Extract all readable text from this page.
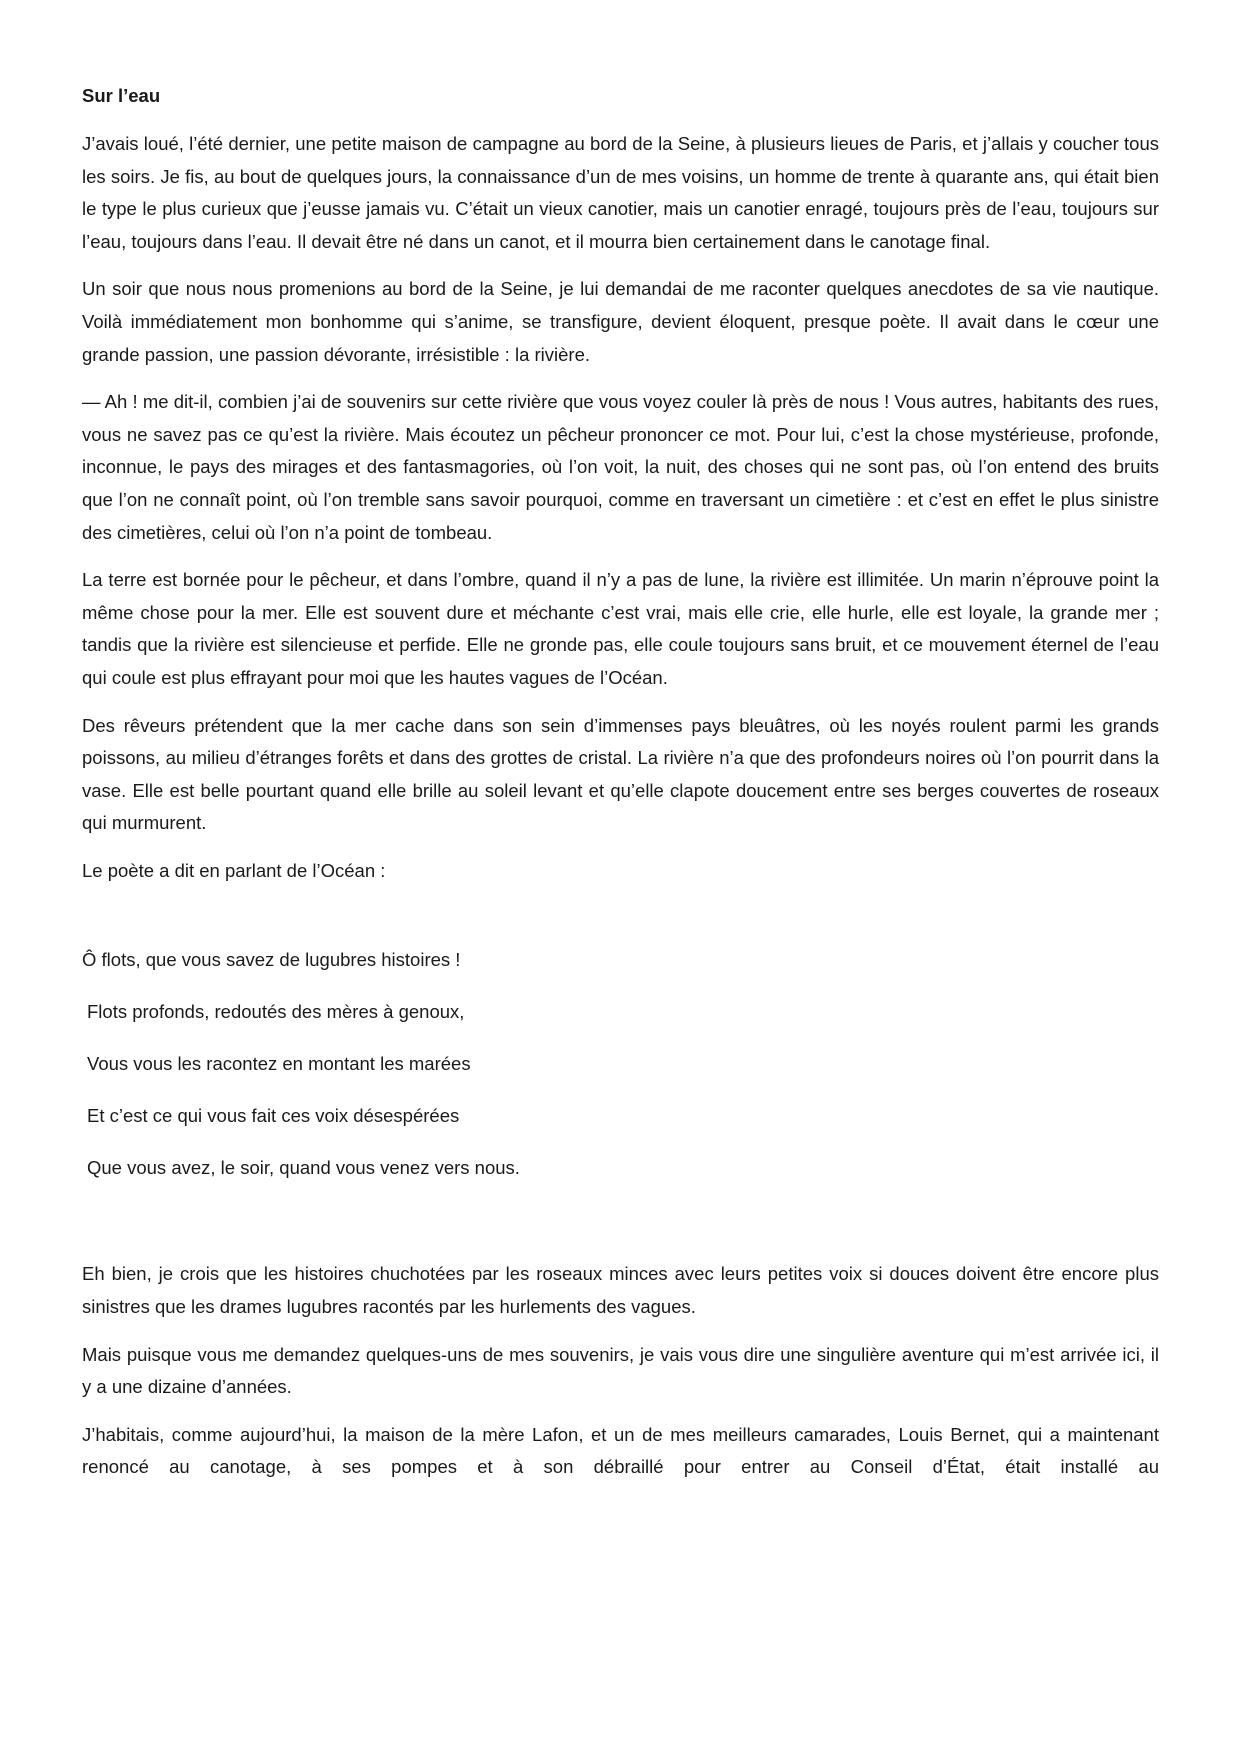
Sur l’eau

J’avais loué, l’été dernier, une petite maison de campagne au bord de la Seine, à plusieurs lieues de Paris, et j’allais y coucher tous les soirs. Je fis, au bout de quelques jours, la connaissance d’un de mes voisins, un homme de trente à quarante ans, qui était bien le type le plus curieux que j’eusse jamais vu. C’était un vieux canotier, mais un canotier enragé, toujours près de l’eau, toujours sur l’eau, toujours dans l’eau. Il devait être né dans un canot, et il mourra bien certainement dans le canotage final.

Un soir que nous nous promenions au bord de la Seine, je lui demandai de me raconter quelques anecdotes de sa vie nautique. Voilà immédiatement mon bonhomme qui s’anime, se transfigure, devient éloquent, presque poète. Il avait dans le cœur une grande passion, une passion dévorante, irrésistible : la rivière.

— Ah ! me dit-il, combien j’ai de souvenirs sur cette rivière que vous voyez couler là près de nous ! Vous autres, habitants des rues, vous ne savez pas ce qu’est la rivière. Mais écoutez un pêcheur prononcer ce mot. Pour lui, c’est la chose mystérieuse, profonde, inconnue, le pays des mirages et des fantasmagories, où l’on voit, la nuit, des choses qui ne sont pas, où l’on entend des bruits que l’on ne connaît point, où l’on tremble sans savoir pourquoi, comme en traversant un cimetière : et c’est en effet le plus sinistre des cimetières, celui où l’on n’a point de tombeau.

La terre est bornée pour le pêcheur, et dans l’ombre, quand il n’y a pas de lune, la rivière est illimitée. Un marin n’éprouve point la même chose pour la mer. Elle est souvent dure et méchante c’est vrai, mais elle crie, elle hurle, elle est loyale, la grande mer ; tandis que la rivière est silencieuse et perfide. Elle ne gronde pas, elle coule toujours sans bruit, et ce mouvement éternel de l’eau qui coule est plus effrayant pour moi que les hautes vagues de l’Océan.

Des rêveurs prétendent que la mer cache dans son sein d’immenses pays bleuâtres, où les noyés roulent parmi les grands poissons, au milieu d’étranges forêts et dans des grottes de cristal. La rivière n’a que des profondeurs noires où l’on pourrit dans la vase. Elle est belle pourtant quand elle brille au soleil levant et qu’elle clapote doucement entre ses berges couvertes de roseaux qui murmurent.

Le poète a dit en parlant de l’Océan :

Ô flots, que vous savez de lugubres histoires !
Flots profonds, redoutés des mères à genoux,
Vous vous les racontez en montant les marées
Et c’est ce qui vous fait ces voix désespérées
Que vous avez, le soir, quand vous venez vers nous.

Eh bien, je crois que les histoires chuchotées par les roseaux minces avec leurs petites voix si douces doivent être encore plus sinistres que les drames lugubres racontés par les hurlements des vagues.

Mais puisque vous me demandez quelques-uns de mes souvenirs, je vais vous dire une singulière aventure qui m’est arrivée ici, il y a une dizaine d’années.

J’habitais, comme aujourd’hui, la maison de la mère Lafon, et un de mes meilleurs camarades, Louis Bernet, qui a maintenant renoncé au canotage, à ses pompes et à son débraillé pour entrer au Conseil d’État, était installé au
